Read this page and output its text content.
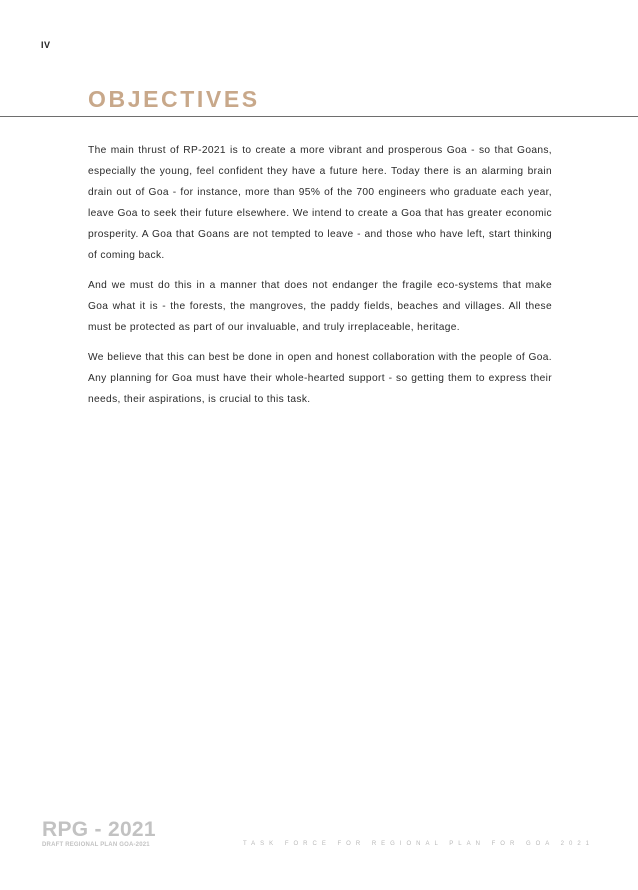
IV
OBJECTIVES

The main thrust of RP-2021 is to create a more vibrant and prosperous Goa - so that Goans, especially the young, feel confident they have a future here. Today there is an alarming brain drain out of Goa - for instance, more than 95% of the 700 engineers who graduate each year, leave Goa to seek their future elsewhere. We intend to create a Goa that has greater economic prosperity. A Goa that Goans are not tempted to leave - and those who have left, start thinking of coming back.

And we must do this in a manner that does not endanger the fragile eco-systems that make Goa what it is - the forests, the mangroves, the paddy fields, beaches and villages. All these must be protected as part of our invaluable, and truly irreplaceable, heritage.

We believe that this can best be done in open and honest collaboration with the people of Goa. Any planning for Goa must have their whole-hearted support - so getting them to express their needs, their aspirations, is crucial to this task.

RPG - 2021
DRAFT REGIONAL PLAN GOA-2021	TASK FORCE FOR REGIONAL PLAN FOR GOA 2021
